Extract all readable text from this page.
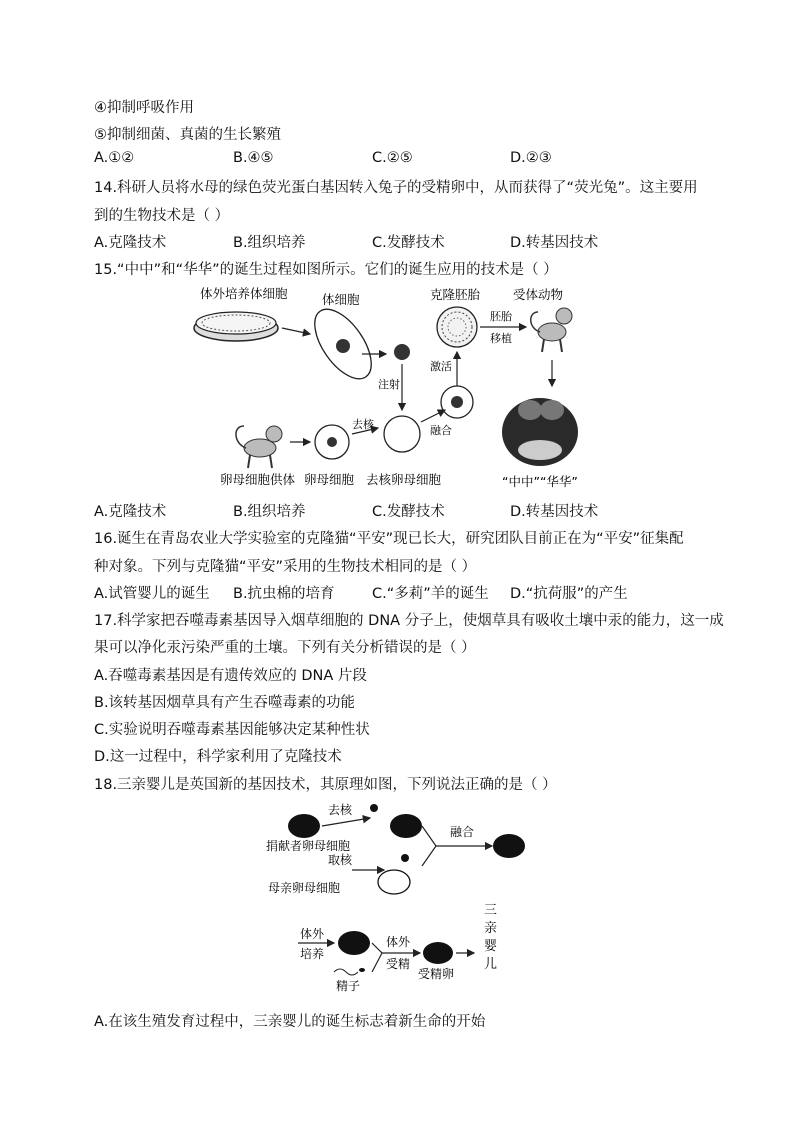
④抑制呼吸作用
⑤抑制细菌、真菌的生长繁殖
A.①②	B.④⑤	C.②⑤	D.②③
14.科研人员将水母的绿色荧光蛋白基因转入兔子的受精卵中，从而获得了“荧光兔”。这主要用
到的生物技术是（ ）
A.克隆技术	B.组织培养	C.发酵技术	D.转基因技术
15.“中中”和“华华”的诞生过程如图所示。它们的诞生应用的技术是（ ）
体外培养体细胞	体细胞
注射
克隆胚胎	受体动物
胚胎
移植
激活
融合
卵母细胞供体 卵母细胞
去核
去核卵母细胞	“中中”“华华”
A.克隆技术	B.组织培养	C.发酵技术	D.转基因技术
16.诞生在青岛农业大学实验室的克隆猫“平安”现已长大，研究团队目前正在为“平安”征集配
种对象。下列与克隆猫“平安”采用的生物技术相同的是（ ）
A.试管婴儿的诞生 B.抗虫棉的培育	C.“多莉”羊的诞生 D.“抗荷服”的产生
17.科学家把吞噬毒素基因导入烟草细胞的 DNA 分子上，使烟草具有吸收土壤中汞的能力，这一成
果可以净化汞污染严重的土壤。下列有关分析错误的是（ ）
A.吞噬毒素基因是有遗传效应的 DNA 片段
B.该转基因烟草具有产生吞噬毒素的功能
C.实验说明吞噬毒素基因能够决定某种性状
D.这一过程中，科学家利用了克隆技术
18.三亲婴儿是英国新的基因技术，其原理如图，下列说法正确的是（ ）
捐献者卵母细胞
去核
取核
母亲卵母细胞
融合
体外
培养
精子
体外
受精
受精卵
三
亲
婴
儿
A.在该生殖发育过程中，三亲婴儿的诞生标志着新生命的开始
